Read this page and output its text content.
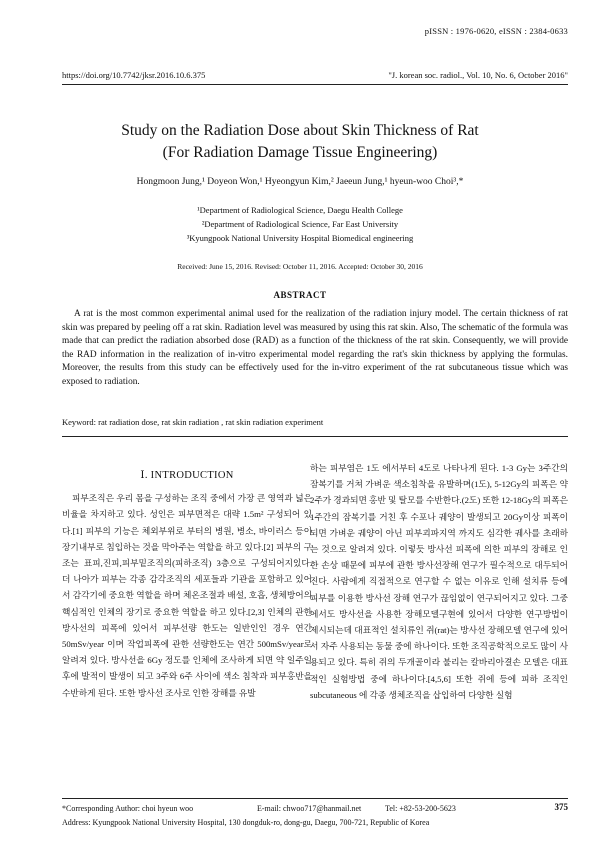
pISSN : 1976-0620, eISSN : 2384-0633
https://doi.org/10.7742/jksr.2016.10.6.375	"J. korean soc. radiol., Vol. 10, No. 6, October 2016"
Study on the Radiation Dose about Skin Thickness of Rat
(For Radiation Damage Tissue Engineering)
Hongmoon Jung,¹ Doyeon Won,¹ Hyeongyun Kim,² Jaeeun Jung,¹ hyeun-woo Choi³,*
¹Department of Radiological Science, Daegu Health College
²Department of Radiological Science, Far East University
³Kyungpook National University Hospital Biomedical engineering
Received: June 15, 2016. Revised: October 11, 2016. Accepted: October 30, 2016
ABSTRACT
A rat is the most common experimental animal used for the realization of the radiation injury model. The certain thickness of rat skin was prepared by peeling off a rat skin. Radiation level was measured by using this rat skin. Also, The schematic of the formula was made that can predict the radiation absorbed dose (RAD) as a function of the thickness of the rat skin. Consequently, we will provide the RAD information in the realization of in-vitro experimental model regarding the rat's skin thickness by applying the formulas. Moreover, the results from this study can be effectively used for the in-vitro experiment of the rat subcutaneous tissue which was exposed to radiation.
Keyword: rat radiation dose, rat skin radiation , rat skin radiation experiment
Ⅰ. INTRODUCTION

피부조직은 우리 몸을 구성하는 조직 중에서 가장 큰 영역과 넓은 비율을 차지하고 있다. 성인은 피부면적은 대략 1.5m² 구성되어 있다.[1] 피부의 기능은 체외부위로 부터의 병원, 병소, 바이러스 등이 장기내부로 침입하는 것을 막아주는 역할을 하고 있다.[2] 피부의 구조는 표피,진피,피부밑조직의(피하조직) 3층으로 구성되어지있다. 더 나아가 피부는 각종 감각조직의 세포들과 기관을 포함하고 있어서 감각기에 중요한 역할을 하며 체온조절과 배설, 호흡, 생체방어의 핵심적인 인체의 장기로 중요한 역할을 하고 있다.[2,3] 인체의 관한 방사선의 피폭에 있어서 피부선량 한도는 일반인인 경우 연간 50mSv/year 이며 작업피폭에 관한 선량한도는 연간 500mSv/year로 알려져 있다. 방사선을 6Gy 정도를 인체에 조사하게 되면 약 일주일 후에 발적이 발생이 되고 3주와 6주 사이에 색소 침착과 피부홍반을 수반하게 된다. 또한 방사선 조사로 인한 장해를 유발

하는 피부염은 1도 에서부터 4도로 나타나게 된다. 1-3 Gy는 3주간의 잠복기를 거쳐 가벼운 색소침착을 유발하며(1도), 5-12Gy의 피폭은 약2주가 경과되면 홍반 및 탈모를 수반한다.(2도) 또한 12-18Gy의 피폭은 1주간의 잠복기를 거친 후 수포나 궤양이 발생되고 20Gy이상 피폭이 되면 가벼운 궤양이 아닌 피부괴파지역 까지도 심각한 궤사를 초래하는 것으로 알려져 있다. 이렇듯 방사선 피폭에 의한 피부의 장해로 인한 손상 때문에 피부에 관한 방사선장해 연구가 필수적으로 대두되어진다. 사람에게 직접적으로 연구할 수 없는 이유로 인해 설치류 등에 피부를 이용한 방사선 장해 연구가 끊임없이 연구되어지고 있다. 그중에서도 방사선을 사용한 장해모델구현에 있어서 다양한 연구방법이 제시되는데 대표적인 설치류인 쥐(rat)는 방사선 장해모델 연구에 있어서 자주 사용되는 동물 중에 하나이다. 또한 조직공학적으로도 많이 사용되고 있다. 특히 쥐의 두개골이라 불리는 칼바리아결손 모델은 대표적인 실험방법 중에 하나이다.[4,5,6] 또한 쥐에 등에 피하 조직인 subcutaneous 에 각종 생체조직을 삽입하여 다양한 실험

*Corresponding Author: choi hyeun woo	E-mail: chwoo717@hanmail.net	Tel: +82-53-200-5623
Address: Kyungpook National University Hospital, 130 dongduk-ro, dong-gu, Daegu, 700-721, Republic of Korea
375
